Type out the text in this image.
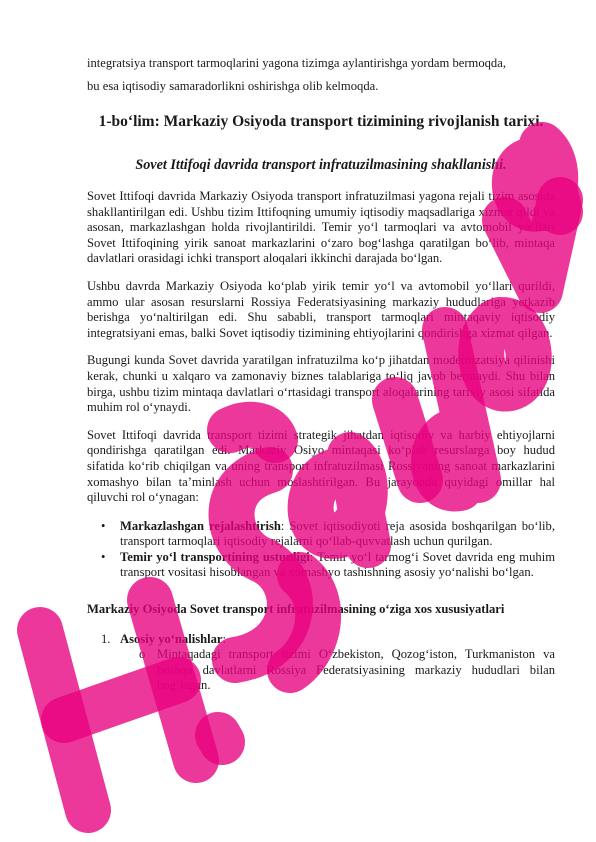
integratsiya transport tarmoqlarini yagona tizimga aylantirishga yordam bermoqda,
bu esa iqtisodiy samaradorlikni oshirishga olib kelmoqda.

1-bo‘lim: Markaziy Osiyoda transport tizimining rivojlanish tarixi.
Sovet Ittifoqi davrida transport infratuzilmasining shakllanishi.

Sovet Ittifoqi davrida Markaziy Osiyoda transport infratuzilmasi yagona rejali tizim asosida shakllantirilgan edi. Ushbu tizim Ittifoqning umumiy iqtisodiy maqsadlariga xizmat qildi va asosan, markazlashgan holda rivojlantirildi. Temir yo‘l tarmoqlari va avtomobil yo‘llari Sovet Ittifoqining yirik sanoat markazlarini o‘zaro bog‘lashga qaratilgan bo‘lib, mintaqa davlatlari orasidagi ichki transport aloqalari ikkinchi darajada bo‘lgan.

Ushbu davrda Markaziy Osiyoda ko‘plab yirik temir yo‘l va avtomobil yo‘llari qurildi, ammo ular asosan resurslarni Rossiya Federatsiyasining markaziy hududlariga yetkazib berishga yo‘naltirilgan edi. Shu sababli, transport tarmoqlari mintaqaviy iqtisodiy integratsiyani emas, balki Sovet iqtisodiy tizimining ehtiyojlarini qondirishga xizmat qilgan.

Bugungi kunda Sovet davrida yaratilgan infratuzilma ko‘p jihatdan modernizatsiya qilinishi kerak, chunki u xalqaro va zamonaviy biznes talablariga to‘liq javob bermaydi. Shu bilan birga, ushbu tizim mintaqa davlatlari o‘rtasidagi transport aloqalarining tarixiy asosi sifatida muhim rol o‘ynaydi.

Sovet Ittifoqi davrida transport tizimi strategik jihatdan iqtisodiy va harbiy ehtiyojlarni qondirishga qaratilgan edi. Markaziy Osiyo mintaqasi ko‘plab resurslarga boy hudud sifatida ko‘rib chiqilgan va uning transport infratuzilmasi Rossiyaning sanoat markazlarini xomashyo bilan ta’minlash uchun moslashtirilgan. Bu jarayonda quyidagi omillar hal qiluvchi rol o‘ynagan:

• Markazlashgan rejalashtirish: Sovet iqtisodiyoti reja asosida boshqarilgan bo‘lib, transport tarmoqlari iqtisodiy rejalarni qo‘llab-quvvatlash uchun qurilgan.
• Temir yo‘l transportining ustunligi: Temir yo‘l tarmog‘i Sovet davrida eng muhim transport vositasi hisoblangan va xomashyo tashishning asosiy yo‘nalishi bo‘lgan.
Markaziy Osiyoda Sovet transport infratuzilmasining o‘ziga xos xususiyatlari
1. Asosiy yo‘nalishlar:
o Mintaqadagi transport tizimi O‘zbekiston, Qozog‘iston, Turkmaniston va boshqa davlatlarni Rossiya Federatsiyasining markaziy hududlari bilan bog‘lagan.
